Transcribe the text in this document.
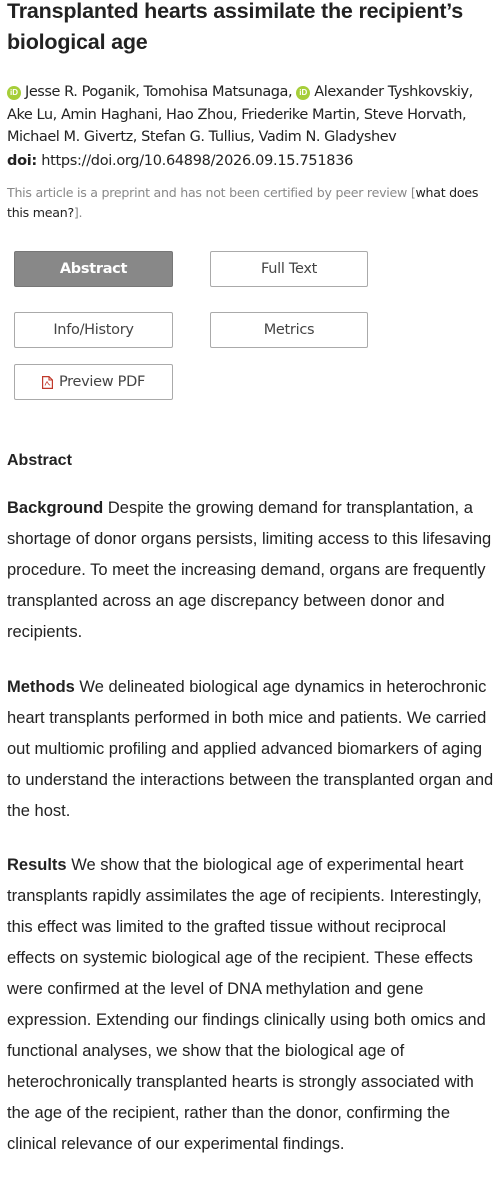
Transplanted hearts assimilate the recipient’s biological age
iD Jesse R. Poganik, Tomohisa Matsunaga, iD Alexander Tyshkovskiy, Ake Lu, Amin Haghani, Hao Zhou, Friederike Martin, Steve Horvath, Michael M. Givertz, Stefan G. Tullius, Vadim N. Gladyshev
doi: https://doi.org/10.64898/2026.09.15.751836
This article is a preprint and has not been certified by peer review [what does this mean?].
Abstract	Full Text
Info/History	Metrics
Preview PDF
Abstract

Background Despite the growing demand for transplantation, a shortage of donor organs persists, limiting access to this lifesaving procedure. To meet the increasing demand, organs are frequently transplanted across an age discrepancy between donor and recipients.

Methods We delineated biological age dynamics in heterochronic heart transplants performed in both mice and patients. We carried out multiomic profiling and applied advanced biomarkers of aging to understand the interactions between the transplanted organ and the host.

Results We show that the biological age of experimental heart transplants rapidly assimilates the age of recipients. Interestingly, this effect was limited to the grafted tissue without reciprocal effects on systemic biological age of the recipient. These effects were confirmed at the level of DNA methylation and gene expression. Extending our findings clinically using both omics and functional analyses, we show that the biological age of heterochronically transplanted hearts is strongly associated with the age of the recipient, rather than the donor, confirming the clinical relevance of our experimental findings.
